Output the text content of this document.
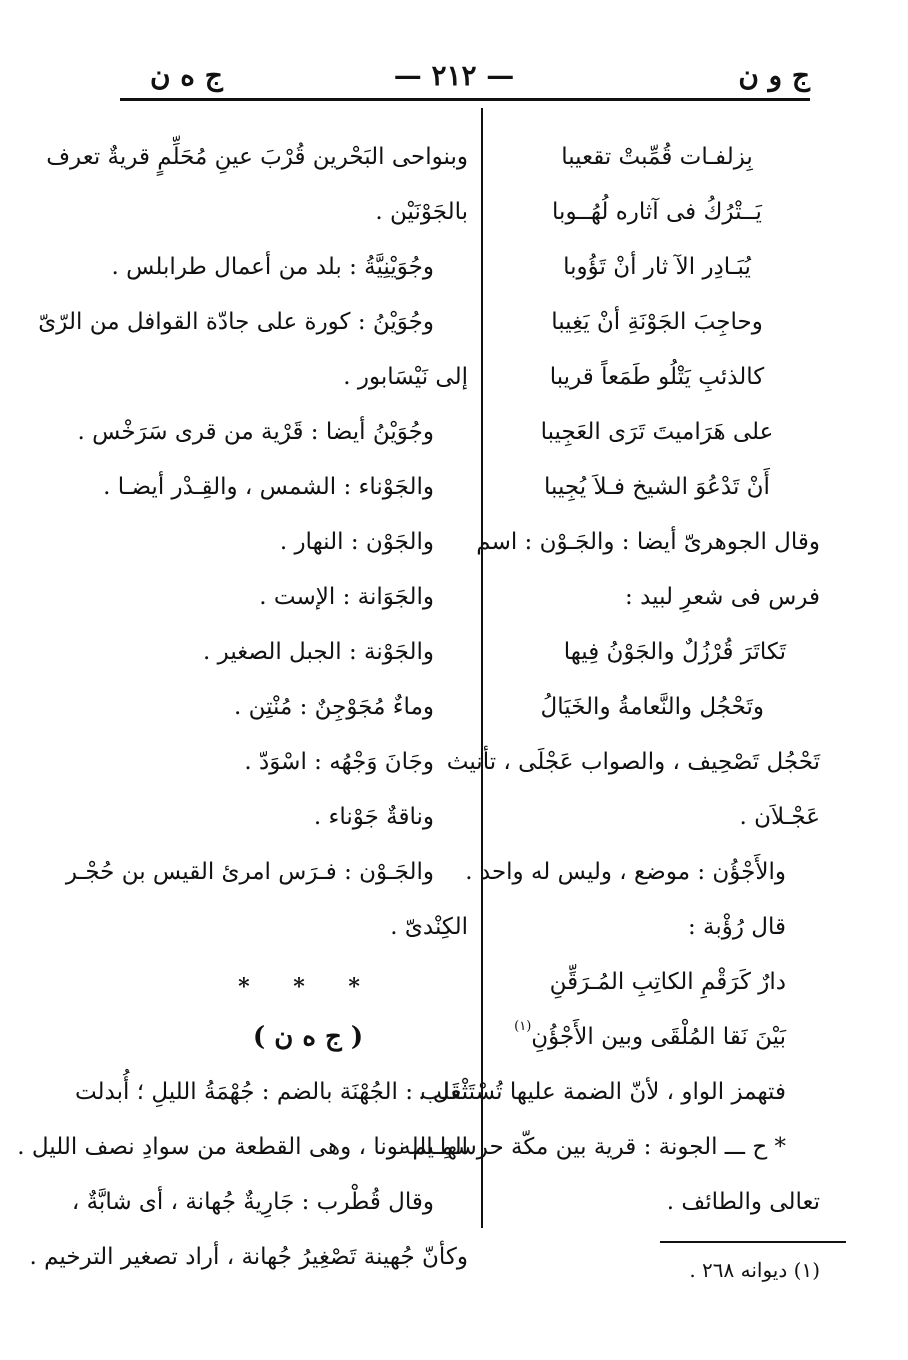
ج و ن
— ٢١٢ —
ج ه ن
بِزلفـات قُمِّبتْ تقعيبا
يَــتْرُكُ فى آثاره لُهُــوبا
يُبَـادِر الآ ثار أنْ تَؤُوبا
وحاجِبَ الجَوْنَةِ أنْ يَغِيبا
كالذئبِ يَتْلُو طَمَعاً قريبا
على هَرَاميتَ تَرَى العَجِيبا
أَنْ تَدْعُوَ الشيخ فـلاَ يُجِيبا
وقال الجوهرىّ أيضا : والجَـوْن : اسم
فرس فى شعرِ لبيد :
تَكاتَرَ قُرْزُلٌ والجَوْنُ فِيها
وتَحْجُل والنَّعامةُ والخَيَالُ
تَحْجُل تَصْحِيف ، والصواب عَجْلَى ، تأنيث
عَجْـلاَن .
والأَجْؤُن : موضع ، وليس له واحد .
قال رُؤْبة :
دارٌ كَرَقْمِ الكاتِبِ المُـرَقِّنِ
بَيْنَ نَقا المُلْقَى وبين الأَجْؤُنِ$^{(١)}$
فتهمز الواو ، لأنّ الضمة عليها تُسْتَثْقَل .
* ح ـــ الجونة : قرية بين مكّة حرسها الله
تعالى والطائف .
وبنواحى البَحْرين قُرْبَ عينِ مُحَلِّمٍ قريةٌ تعرف
بالجَوْنَيْن .
وجُوَيْنِيَّةُ : بلد من أعمال طرابلس .
وجُوَيْنُ : كورة على جادّة القوافل من الرّىّ
إلى نَيْسَابور .
وجُوَيْنُ أيضا : قَرْية من قرى سَرَخْس .
والجَوْناء : الشمس ، والقِـدْر أيضـا .
والجَوْن : النهار .
والجَوَانة : الإست .
والجَوْنة : الجبل الصغير .
وماءٌ مُجَوْجِنٌ : مُنْتِن .
وجَانَ وَجْهُه : اسْوَدّ .
وناقةٌ جَوْناء .
والجَـوْن : فـرَس امرئ القيس بن حُجْـر
الكِنْدىّ .
* * *
( ج ه ن )
ثعلب : الجُهْنَة بالضم : جُهْمَةُ الليلِ ؛ أُبدلت
المِـيم نونا ، وهى القطعة من سوادِ نصف الليل .
وقال قُطْرب : جَارِيةٌ جُهانة ، أى شابَّةٌ ،
وكأنّ جُهينة تَصْغِيرُ جُهانة ، أراد تصغير الترخيم .	(١) ديوانه ٢٦٨ .
